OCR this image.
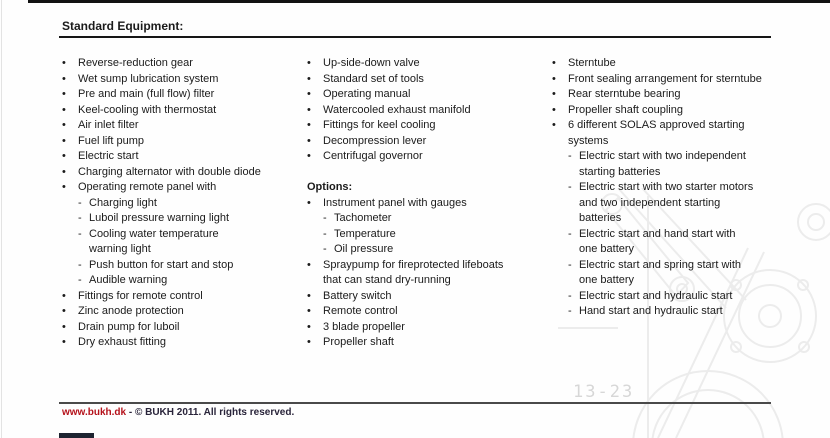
Standard Equipment:
13-23
•	Reverse-reduction gear
•	Wet sump lubrication system
•	Pre and main (full flow) filter
•	Keel-cooling with thermostat
•	Air inlet filter
•	Fuel lift pump
•	Electric start
•	Charging alternator with double diode
•	Operating remote panel with
- Charging light
- Luboil pressure warning light
- Cooling water temperature
warning light
- Push button for start and stop
- Audible warning
•	Fittings for remote control
•	Zinc anode protection
•	Drain pump for luboil
•	Dry exhaust fitting
•	Up-side-down valve
•	Standard set of tools
•	Operating manual
•	Watercooled exhaust manifold
•	Fittings for keel cooling
•	Decompression lever
•	Centrifugal governor
Options:
•	Instrument panel with gauges
- Tachometer
- Temperature
- Oil pressure
•	Spraypump for fireprotected lifeboats
that can stand dry-running
•	Battery switch
•	Remote control
•	3 blade propeller
•	Propeller shaft
•	Sterntube
•	Front sealing arrangement for sterntube
•	Rear sterntube bearing
•	Propeller shaft coupling
•	6 different SOLAS approved starting
systems
- Electric start with two independent
starting batteries
- Electric start with two starter motors
and two independent starting
batteries
- Electric start and hand start with
one battery
- Electric start and spring start with
one battery
- Electric start and hydraulic start
- Hand start and hydraulic start
www.bukh.dk - © BUKH 2011. All rights reserved.
